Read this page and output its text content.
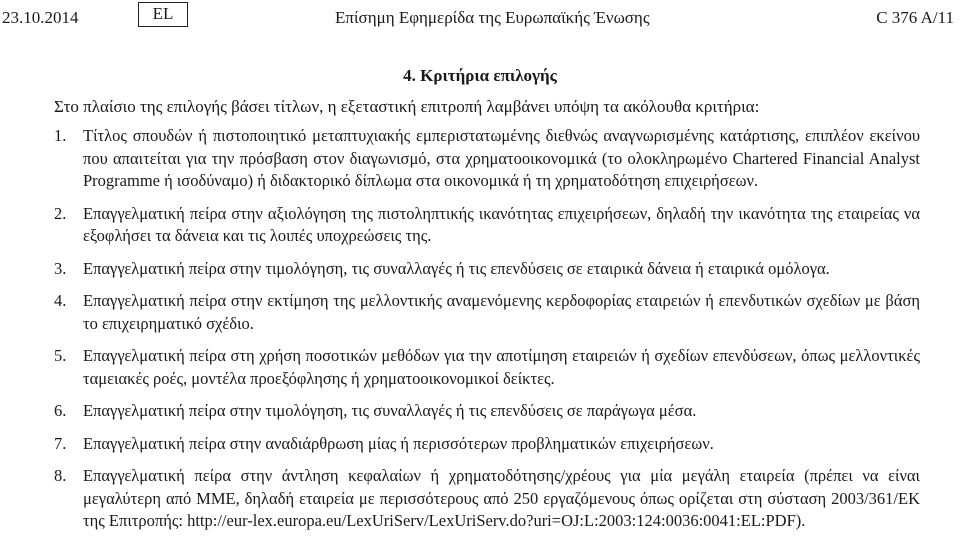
23.10.2014	EL	Επίσημη Εφημερίδα της Ευρωπαϊκής Ένωσης	C 376 A/11
4. Κριτήρια επιλογής
Στο πλαίσιο της επιλογής βάσει τίτλων, η εξεταστική επιτροπή λαμβάνει υπόψη τα ακόλουθα κριτήρια:
1. Τίτλος σπουδών ή πιστοποιητικό μεταπτυχιακής εμπεριστατωμένης διεθνώς αναγνωρισμένης κατάρτισης, επιπλέον εκείνου που απαιτείται για την πρόσβαση στον διαγωνισμό, στα χρηματοοικονομικά (το ολοκληρωμένο Chartered Financial Analyst Programme ή ισοδύναμο) ή διδακτορικό δίπλωμα στα οικονομικά ή τη χρηματοδότηση επιχειρήσεων.
2. Επαγγελματική πείρα στην αξιολόγηση της πιστοληπτικής ικανότητας επιχειρήσεων, δηλαδή την ικανότητα της εταιρείας να εξοφλήσει τα δάνεια και τις λοιπές υποχρεώσεις της.
3. Επαγγελματική πείρα στην τιμολόγηση, τις συναλλαγές ή τις επενδύσεις σε εταιρικά δάνεια ή εταιρικά ομόλογα.
4. Επαγγελματική πείρα στην εκτίμηση της μελλοντικής αναμενόμενης κερδοφορίας εταιρειών ή επενδυτικών σχεδίων με βάση το επιχειρηματικό σχέδιο.
5. Επαγγελματική πείρα στη χρήση ποσοτικών μεθόδων για την αποτίμηση εταιρειών ή σχεδίων επενδύσεων, όπως μελλοντικές ταμειακές ροές, μοντέλα προεξόφλησης ή χρηματοοικονομικοί δείκτες.
6. Επαγγελματική πείρα στην τιμολόγηση, τις συναλλαγές ή τις επενδύσεις σε παράγωγα μέσα.
7. Επαγγελματική πείρα στην αναδιάρθρωση μίας ή περισσότερων προβληματικών επιχειρήσεων.
8. Επαγγελματική πείρα στην άντληση κεφαλαίων ή χρηματοδότησης/χρέους για μία μεγάλη εταιρεία (πρέπει να είναι μεγαλύτερη από ΜΜΕ, δηλαδή εταιρεία με περισσότερους από 250 εργαζόμενους όπως ορίζεται στη σύσταση 2003/361/ΕΚ της Επιτροπής: http://eur-lex.europa.eu/LexUriServ/LexUriServ.do?uri=OJ:L:2003:124:0036:0041:EL:PDF).
